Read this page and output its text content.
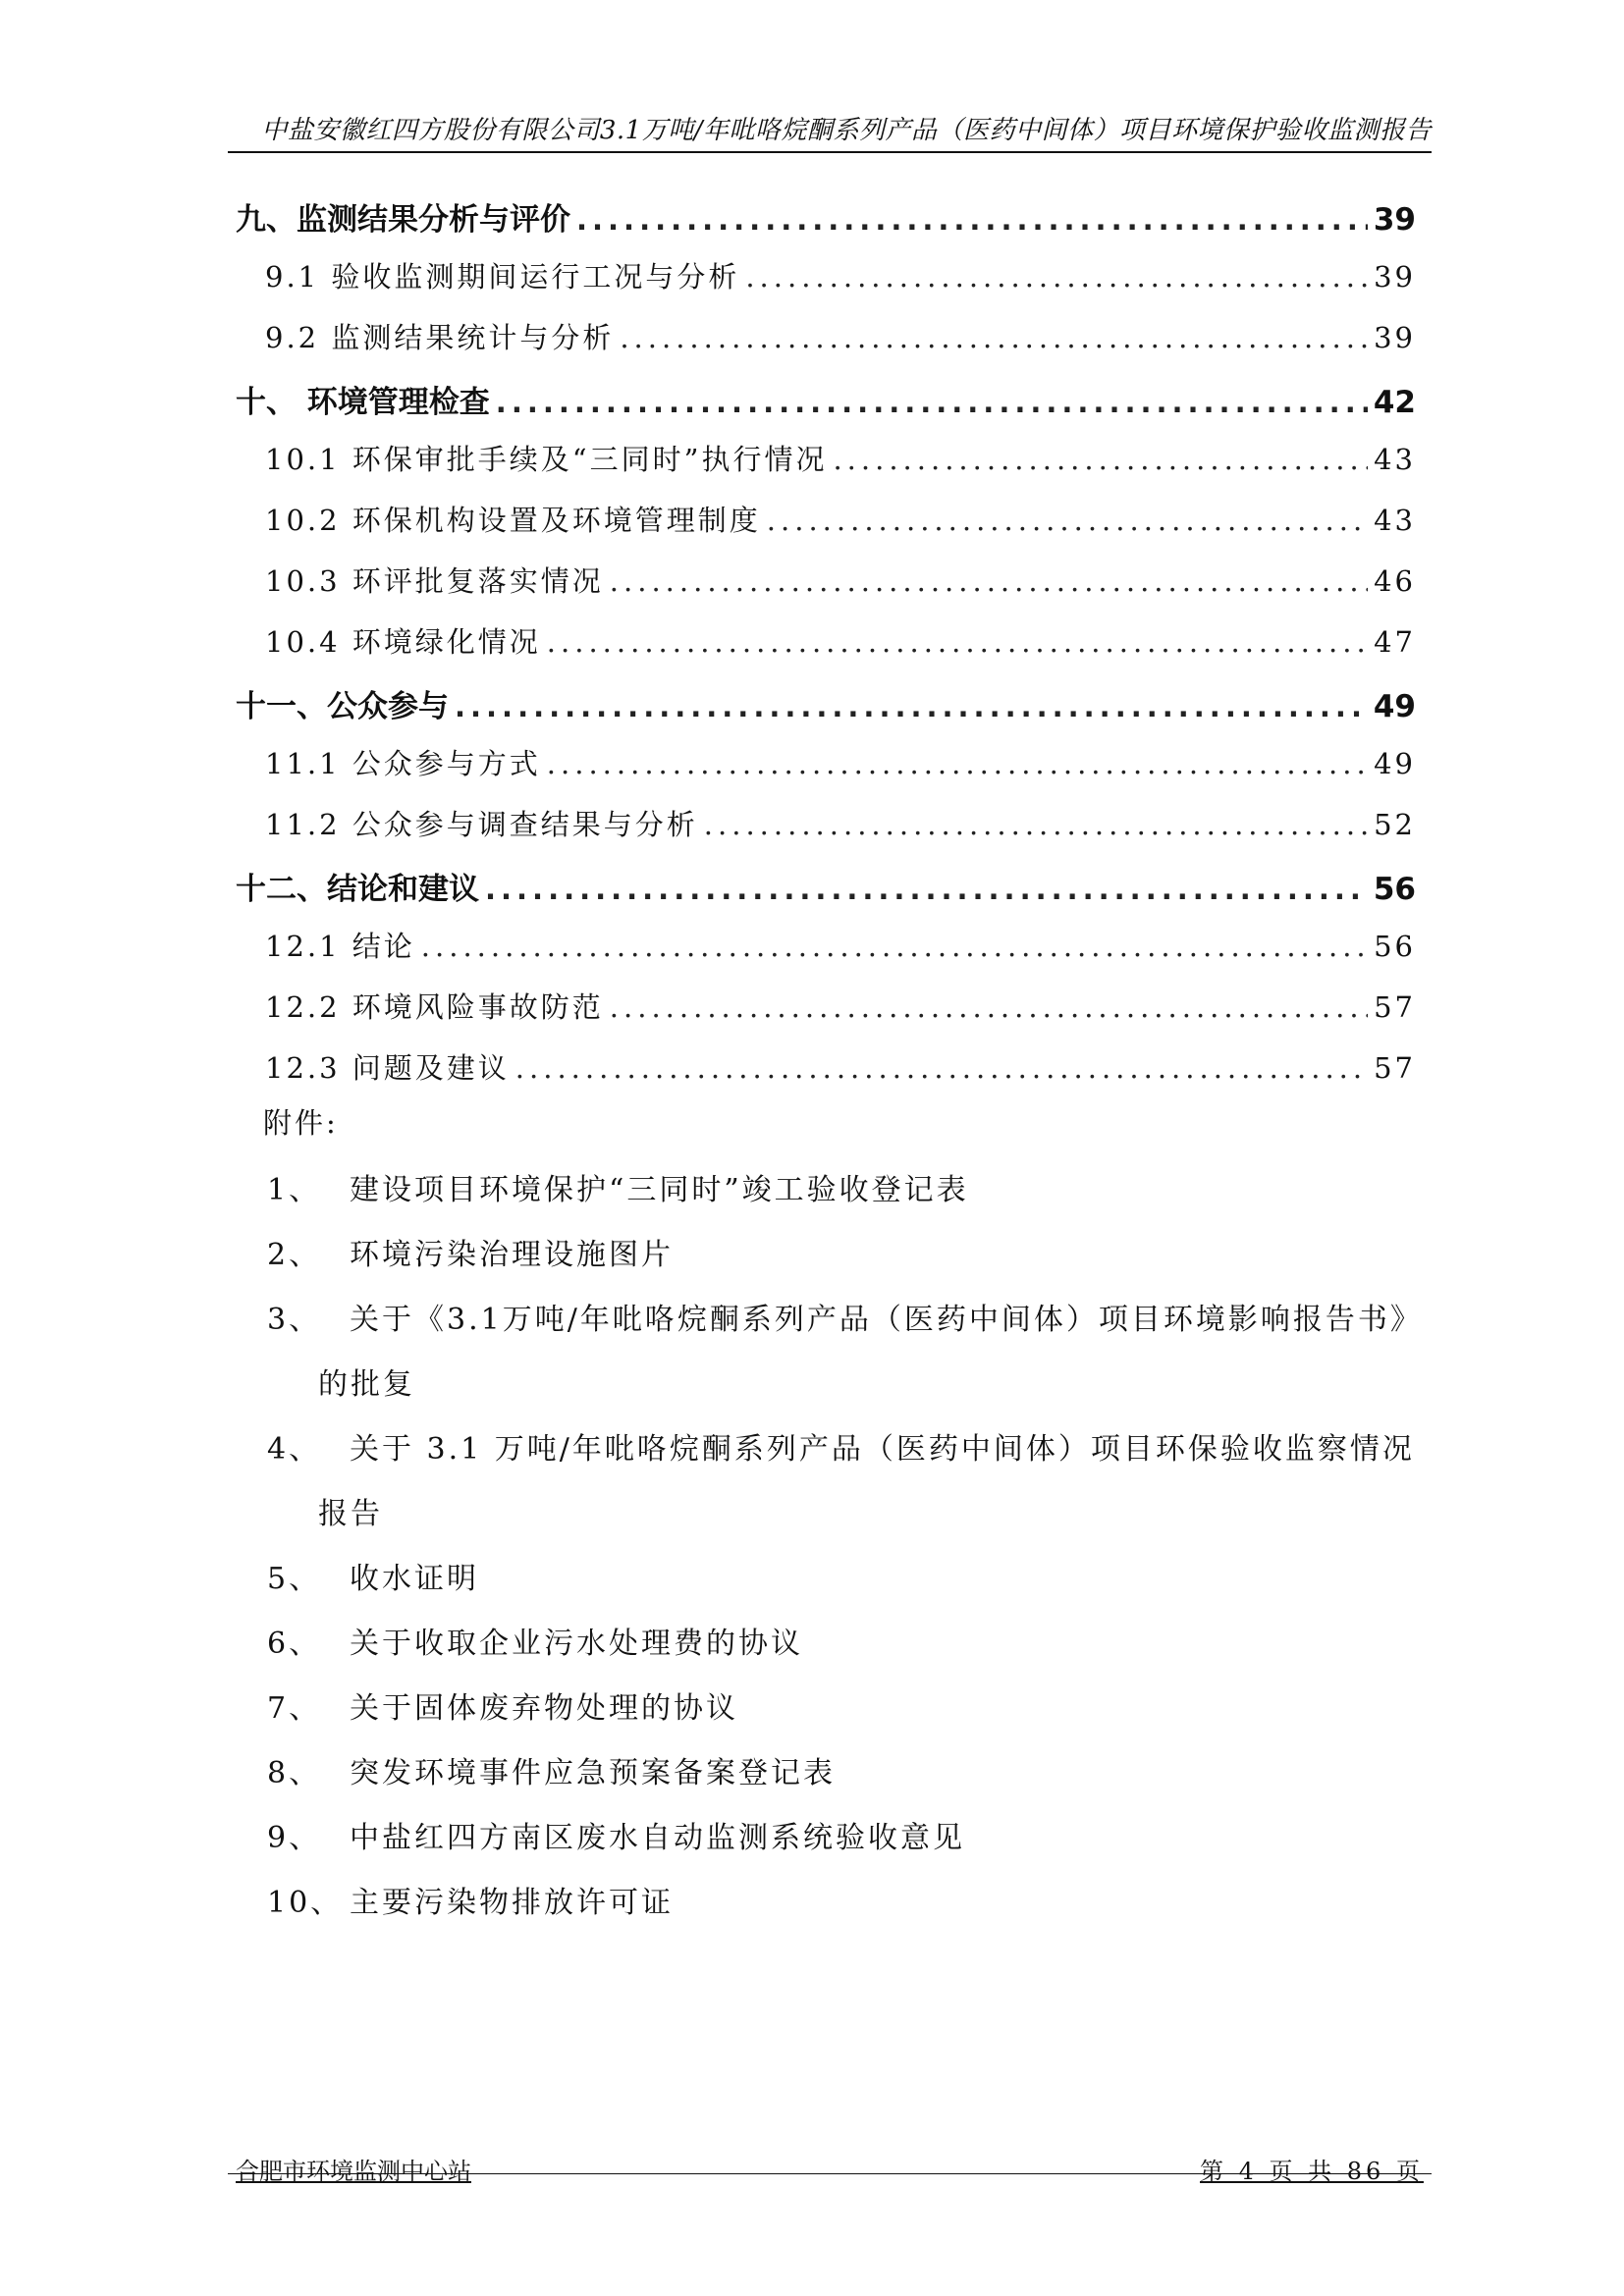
中盐安徽红四方股份有限公司3.1万吨/年吡咯烷酮系列产品（医药中间体）项目环境保护验收监测报告
九、监测结果分析与评价 .....	39
9.1 验收监测期间运行工况与分析 .....	39
9.2 监测结果统计与分析 .....	39
十、 环境管理检查 .....	42
10.1 环保审批手续及“三同时”执行情况 .....	43
10.2 环保机构设置及环境管理制度 .....	43
10.3 环评批复落实情况 .....	46
10.4 环境绿化情况 .....	47
十一、公众参与 .....	49
11.1 公众参与方式 .....	49
11.2 公众参与调查结果与分析 .....	52
十二、结论和建议 .....	56
12.1 结论 .....	56
12.2 环境风险事故防范 .....	57
12.3 问题及建议 .....	57
附件:
1、 建设项目环境保护“三同时”竣工验收登记表
2、 环境污染治理设施图片
3、 关于《3.1万吨/年吡咯烷酮系列产品（医药中间体）项目环境影响报告书》
的批复
4、 关于 3.1 万吨/年吡咯烷酮系列产品（医药中间体）项目环保验收监察情况
报告
5、 收水证明
6、 关于收取企业污水处理费的协议
7、 关于固体废弃物处理的协议
8、 突发环境事件应急预案备案登记表
9、 中盐红四方南区废水自动监测系统验收意见
10、 主要污染物排放许可证
合肥市环境监测中心站	第 4 页 共 86 页
